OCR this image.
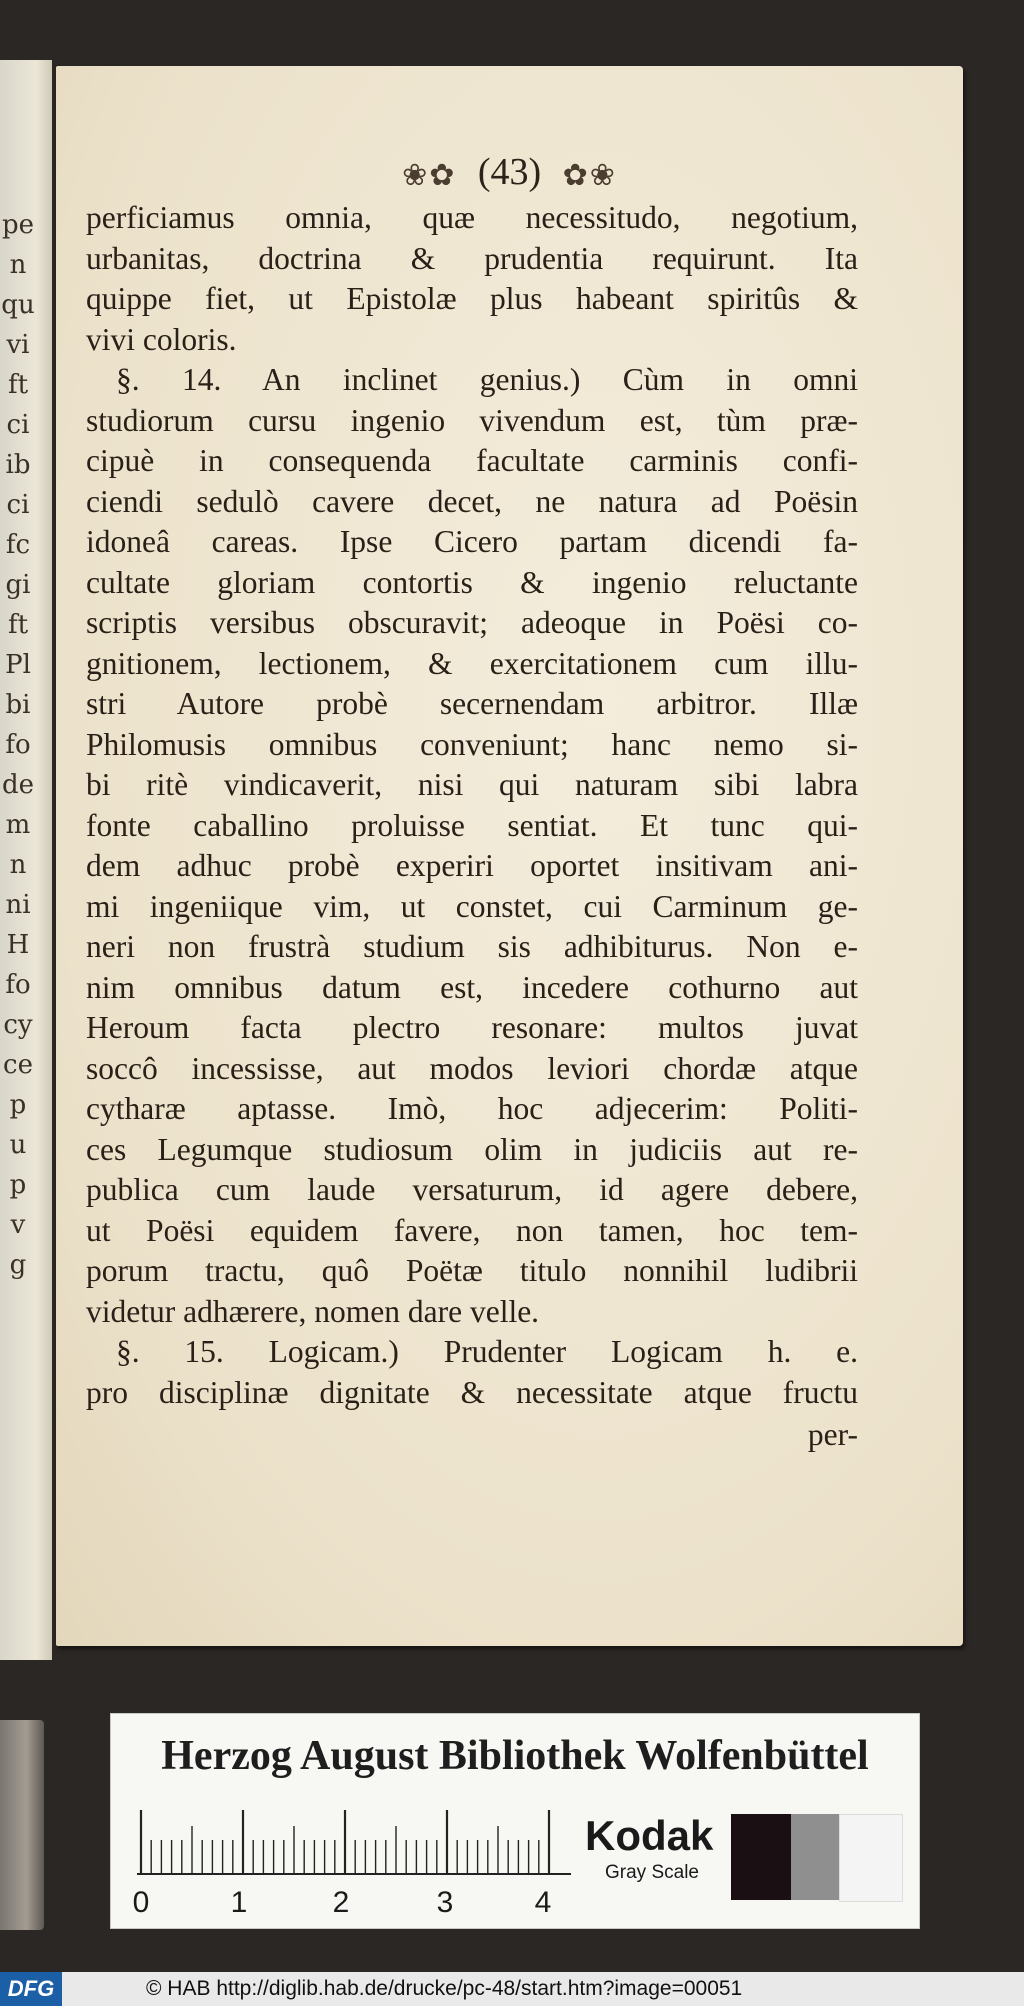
pe
n
qu
vi
ft
ci
ib
ci
fc
gi
ft
Pl
bi
fo
de
m
n
ni
H
fo
cy
ce
p
u
p
v
g
❀✿ (43) ✿❀
perficiamus omnia, quæ necessitudo, negotium,
urbanitas, doctrina & prudentia requirunt. Ita
quippe fiet, ut Epistolæ plus habeant spiritûs &
vivi coloris.
§. 14. An inclinet genius.) Cùm in omni
studiorum cursu ingenio vivendum est, tùm præ-
cipuè in consequenda facultate carminis confi-
ciendi sedulò cavere decet, ne natura ad Poësin
idoneâ careas. Ipse Cicero partam dicendi fa-
cultate gloriam contortis & ingenio reluctante
scriptis versibus obscuravit; adeoque in Poësi co-
gnitionem, lectionem, & exercitationem cum illu-
stri Autore probè secernendam arbitror. Illæ
Philomusis omnibus conveniunt; hanc nemo si-
bi ritè vindicaverit, nisi qui naturam sibi labra
fonte caballino proluisse sentiat. Et tunc qui-
dem adhuc probè experiri oportet insitivam ani-
mi ingeniique vim, ut constet, cui Carminum ge-
neri non frustrà studium sis adhibiturus. Non e-
nim omnibus datum est, incedere cothurno aut
Heroum facta plectro resonare: multos juvat
soccô incessisse, aut modos leviori chordæ atque
cytharæ aptasse. Imò, hoc adjecerim: Politi-
ces Legumque studiosum olim in judiciis aut re-
publica cum laude versaturum, id agere debere,
ut Poësi equidem favere, non tamen, hoc tem-
porum tractu, quô Poëtæ titulo nonnihil ludibrii
videtur adhærere, nomen dare velle.
§. 15. Logicam.) Prudenter Logicam h. e.
pro disciplinæ dignitate & necessitate atque fructu
per-
Herzog August Bibliothek Wolfenbüttel
0	1	2	3	4
Kodak
Gray Scale
DFG	© HAB http://diglib.hab.de/drucke/pc-48/start.htm?image=00051
